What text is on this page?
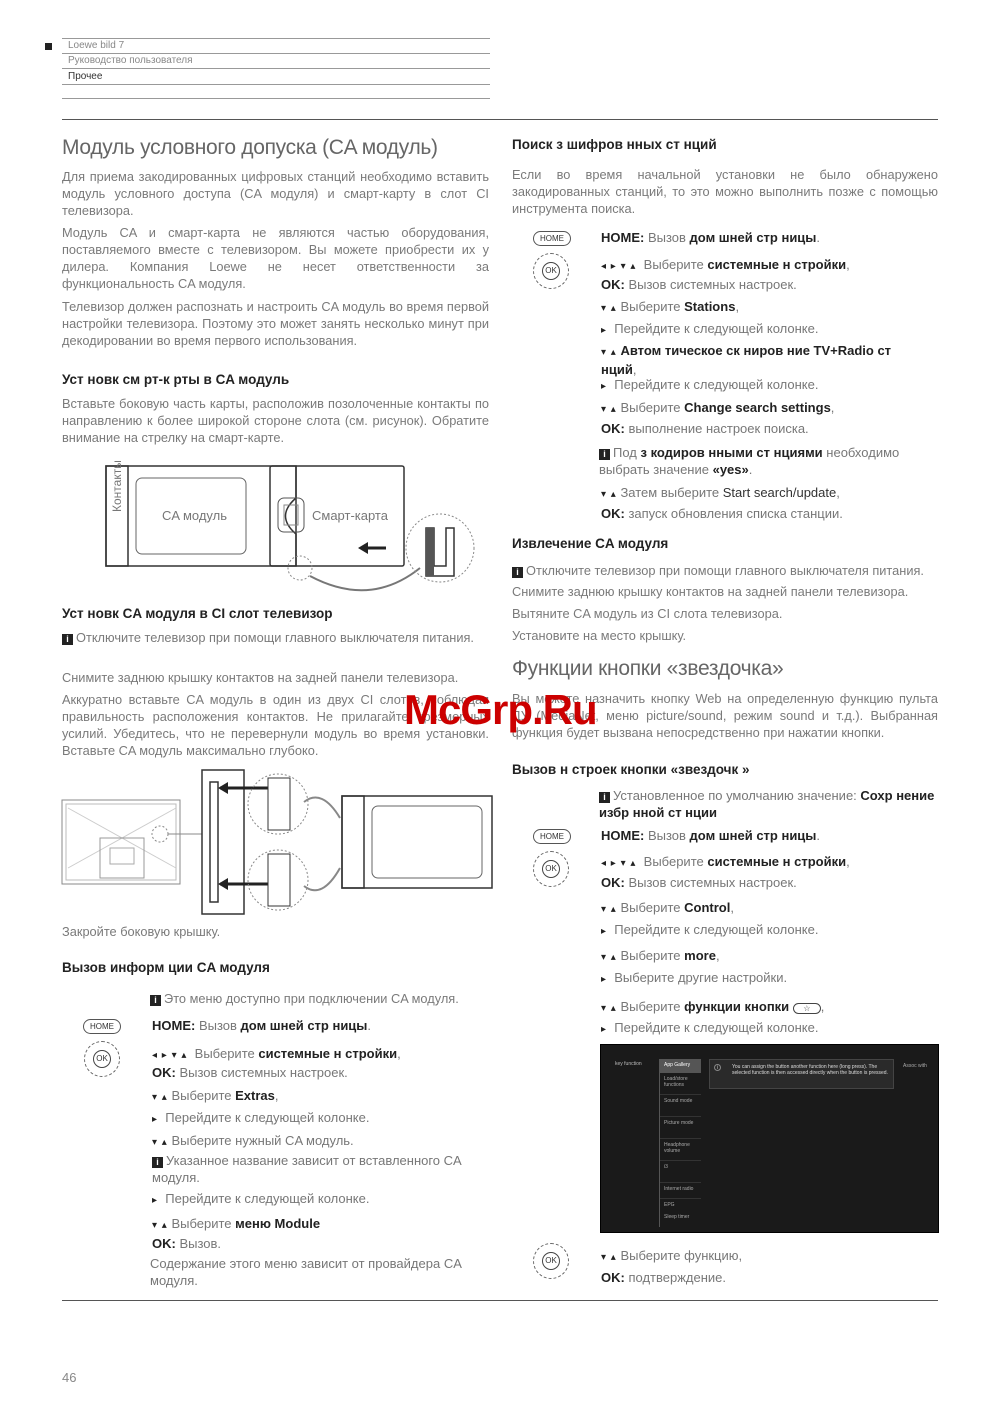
Loewe bild 7
Руководство пользователя
Прочее
Модуль условного допуска (CA модуль)
Для приема закодированных цифровых станций необходимо вставить модуль условного доступа (CA модуля) и смарт-карту в слот CI телевизора.
Модуль CA и смарт-карта не являются частью оборудования, поставляемого вместе с телевизором. Вы можете приобрести их у дилера. Компания Loewe не несет ответственности за функциональность CA модуля.
Телевизор должен распознать и настроить CA модуль во время первой настройки телевизора. Поэтому это может занять несколько минут при декодировании во время первого использования.
Уст новк см рт-к рты в CA модуль
Вставьте боковую часть карты, расположив позолоченные контакты по направлению к более широкой стороне слота (см. рисунок). Обратите внимание на стрелку на смарт-карте.
Контакты
CA модуль	Смарт-карта
Уст новк CA модуля в CI слот телевизор
i Отключите телевизор при помощи главного выключателя питания.
Снимите заднюю крышку контактов на задней панели телевизора.
Аккуратно вставьте CA модуль в один из двух CI слотов, соблюдая правильность расположения контактов. Не прилагайте чрезмерных усилий. Убедитесь, что не перевернули модуль во время установки. Вставьте CA модуль максимально глубоко.
Закройте боковую крышку.
Вызов информ ции CA модуля
i Это меню доступно при подключении CA модуля.
HOME
OK
HOME: Вызов дом шней стр ницы.
◂ ▸ ▾ ▴ Выберите системные н стройки,
OK: Вызов системных настроек.
▾ ▴ Выберите Extras,
▸ Перейдите к следующей колонке.
▾ ▴ Выберите нужный CA модуль.
i Указанное название зависит от вставленного CA модуля.
▸ Перейдите к следующей колонке.
▾ ▴ Выберите меню Module
OK: Вызов.
Содержание этого меню зависит от провайдера CA модуля.
Поиск з шифров нных ст нций
Если во время начальной установки не было обнаружено закодированных станций, то это можно выполнить позже с помощью инструмента поиска.
HOME
OK
HOME: Вызов дом шней стр ницы.
◂ ▸ ▾ ▴ Выберите системные н стройки,
OK: Вызов системных настроек.
▾ ▴ Выберите Stations,
▸ Перейдите к следующей колонке.
▾ ▴ Автом тическое ск ниров ние TV+Radio ст нций,
▸ Перейдите к следующей колонке.
▾ ▴ Выберите Change search settings,
OK: выполнение настроек поиска.
i Под з кодиров нными ст нциями необходимо выбрать значение «yes».
▾ ▴ Затем выберите Start search/update,
OK: запуск обновления списка станции.
Извлечение CA модуля
i Отключите телевизор при помощи главного выключателя питания.
Снимите заднюю крышку контактов на задней панели телевизора.
Вытяните CA модуль из CI слота телевизора.
Установите на место крышку.
Функции кнопки «звездочка»
Вы можете назначить кнопку Web на определенную функцию пульта ДУ (MediaNet, меню picture/sound, режим sound и т.д.). Выбранная функция будет вызвана непосредственно при нажатии кнопки.
Вызов н строек кнопки «звездочк »
i Установленное по умолчанию значение: Сохр нение избр нной ст нции
HOME
OK
HOME: Вызов дом шней стр ницы.
◂ ▸ ▾ ▴ Выберите системные н стройки,
OK: Вызов системных настроек.
▾ ▴ Выберите Control,
▸ Перейдите к следующей колонке.
▾ ▴ Выберите more,
▸ Выберите другие настройки.
▾ ▴ Выберите функции кнопки ☆ ,
▸ Перейдите к следующей колонке.
key function	App Gallery
Load/store functions
Sound mode
Picture mode
Headphone volume
i3
Internet radio
EPG
Sleep timer
i	You can assign the button another function here (long press). The selected function is then accessed directly when the button is pressed.
Assoc with
OK	▾ ▴ Выберите функцию,
OK: подтверждение.
46
McGrp.Ru
